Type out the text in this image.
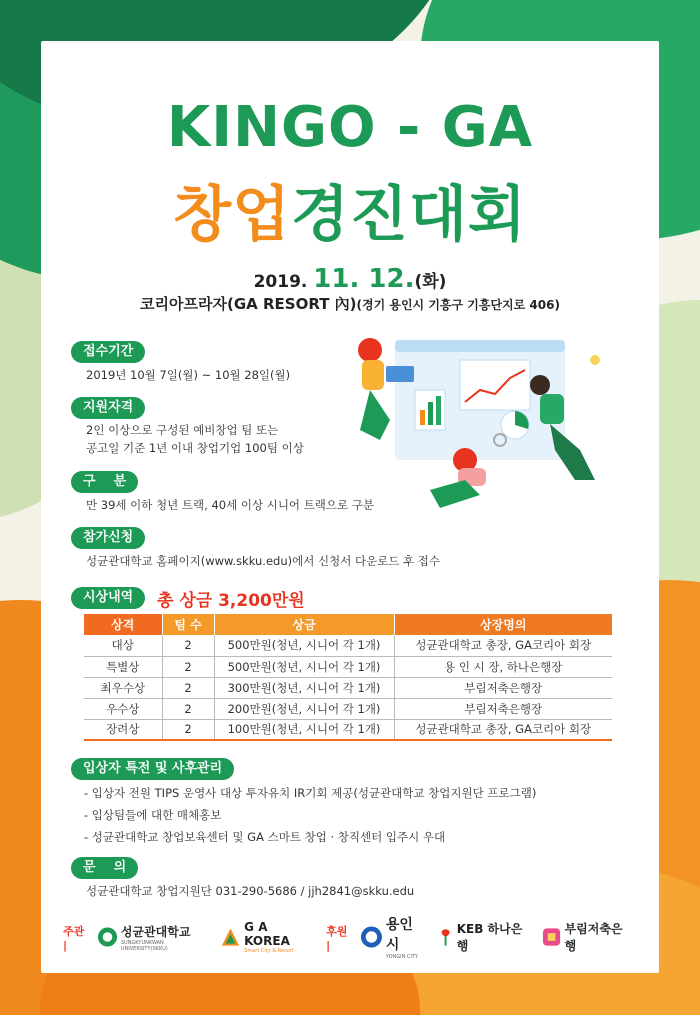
KINGO - GA
창업경진대회
2019. 11. 12.(화)
코리아프라자(GA RESORT 內)(경기 용인시 기흥구 기흥단지로 406)
접수기간
2019년 10월 7일(월) ~ 10월 28일(월)
지원자격
2인 이상으로 구성된 예비창업 팀 또는
공고일 기준 1년 이내 창업기업 100팀 이상
구    분
만 39세 이하 청년 트랙, 40세 이상 시니어 트랙으로 구분
참가신청
성균관대학교 홈페이지(www.skku.edu)에서 신청서 다운로드 후 접수
시상내역	총 상금 3,200만원
상격	팀 수	상금	상장명의
대상	2	500만원(청년, 시니어 각 1개)	성균관대학교 총장, GA코리아 회장
특별상	2	500만원(청년, 시니어 각 1개)	용 인 시 장, 하나은행장
최우수상	2	300만원(청년, 시니어 각 1개)	부림저축은행장
우수상	2	200만원(청년, 시니어 각 1개)	부림저축은행장
장려상	2	100만원(청년, 시니어 각 1개)	성균관대학교 총장, GA코리아 회장
입상자 특전 및 사후관리
- 입상자 전원 TIPS 운영사 대상 투자유치 IR기회 제공(성균관대학교 창업지원단 프로그램)
- 입상팀들에 대한 매체홍보
- 성균관대학교 창업보육센터 및 GA 스마트 창업 · 창직센터 입주시 우대
문    의
성균관대학교 창업지원단 031-290-5686 / jjh2841@skku.edu
주관 |
성균관대학교
SUNGKYUNKWAN UNIVERSITY(SKKU)
G A KOREA
Smart City & Resort
후원 |
용인시
YONGIN CITY
KEB 하나은행
부림저축은행
